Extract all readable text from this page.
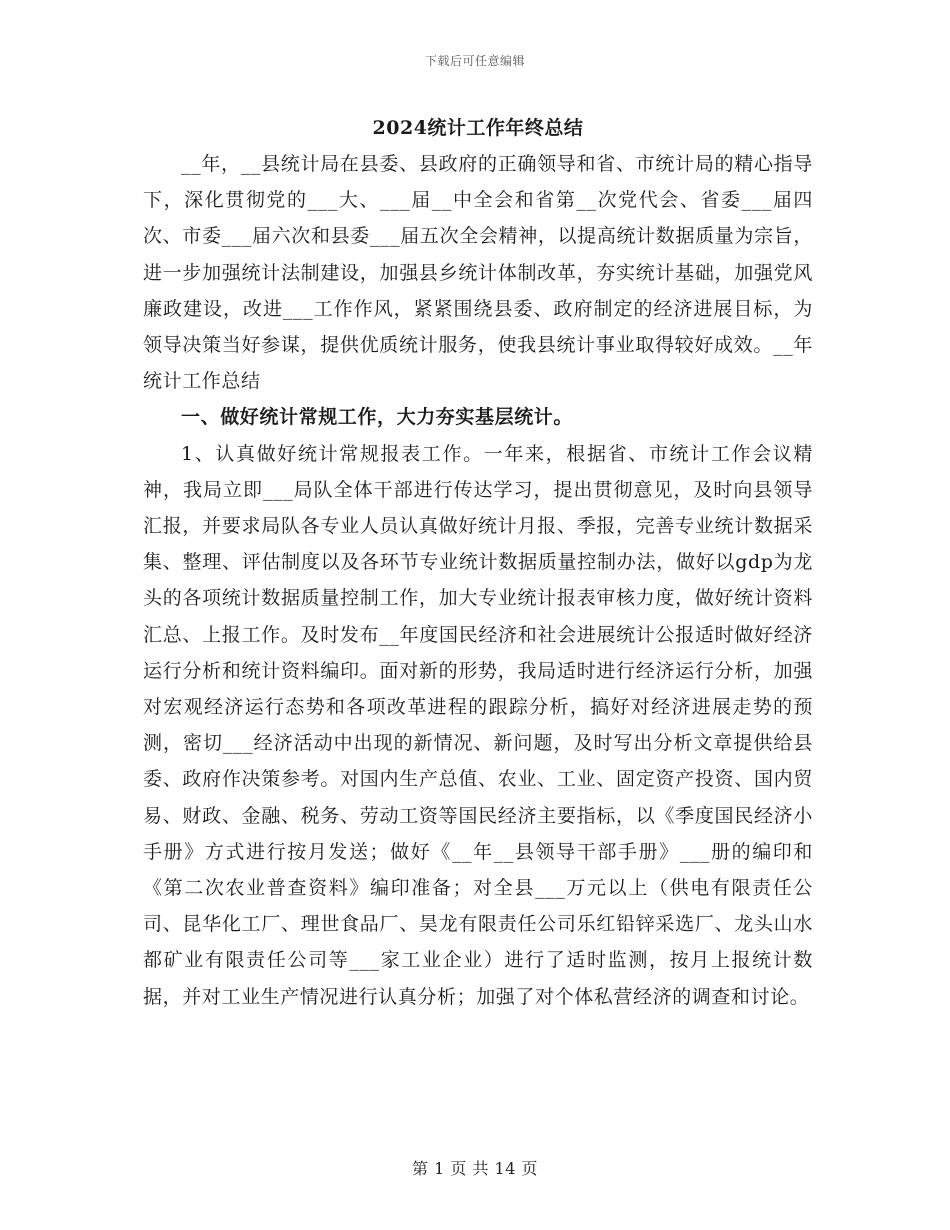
下载后可任意编辑
2024统计工作年终总结

__年，__县统计局在县委、县政府的正确领导和省、市统计局的精心指导下，深化贯彻党的___大、___届__中全会和省第__次党代会、省委___届四次、市委___届六次和县委___届五次全会精神，以提高统计数据质量为宗旨，进一步加强统计法制建设，加强县乡统计体制改革，夯实统计基础，加强党风廉政建设，改进___工作作风，紧紧围绕县委、政府制定的经济进展目标，为领导决策当好参谋，提供优质统计服务，使我县统计事业取得较好成效。__年统计工作总结

一、做好统计常规工作，大力夯实基层统计。

1、认真做好统计常规报表工作。一年来，根据省、市统计工作会议精神，我局立即___局队全体干部进行传达学习，提出贯彻意见，及时向县领导汇报，并要求局队各专业人员认真做好统计月报、季报，完善专业统计数据采集、整理、评估制度以及各环节专业统计数据质量控制办法，做好以gdp为龙头的各项统计数据质量控制工作，加大专业统计报表审核力度，做好统计资料汇总、上报工作。及时发布__年度国民经济和社会进展统计公报适时做好经济运行分析和统计资料编印。面对新的形势，我局适时进行经济运行分析，加强对宏观经济运行态势和各项改革进程的跟踪分析，搞好对经济进展走势的预测，密切___经济活动中出现的新情况、新问题，及时写出分析文章提供给县委、政府作决策参考。对国内生产总值、农业、工业、固定资产投资、国内贸易、财政、金融、税务、劳动工资等国民经济主要指标，以《季度国民经济小手册》方式进行按月发送；做好《__年__县领导干部手册》___册的编印和《第二次农业普查资料》编印准备；对全县___万元以上（供电有限责任公司、昆华化工厂、理世食品厂、昊龙有限责任公司乐红铅锌采选厂、龙头山水都矿业有限责任公司等___家工业企业）进行了适时监测，按月上报统计数据，并对工业生产情况进行认真分析；加强了对个体私营经济的调查和讨论。

第 1 页 共 14 页
